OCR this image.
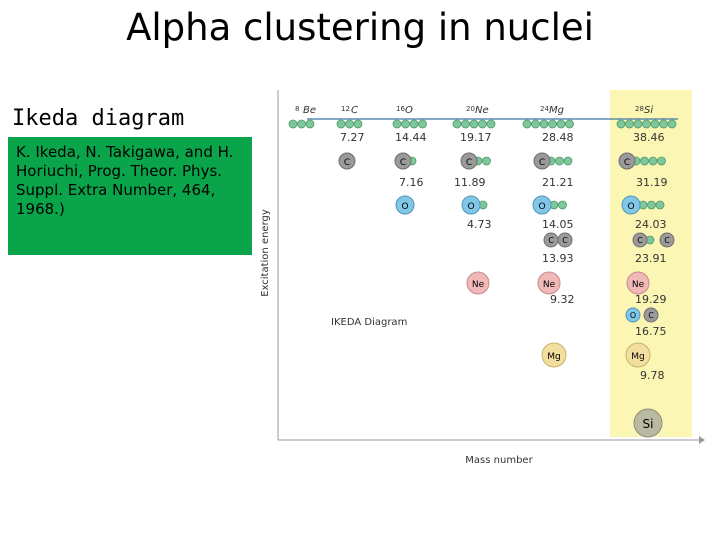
Alpha clustering in nuclei
Ikeda diagram
K. Ikeda, N. Takigawa, and H. Horiuchi, Prog. Theor. Phys. Suppl. Extra Number, 464, 1968.)
Excitation energy
Mass number
IKEDA Diagram
8 Be	12 C	16 O	20 Ne	24 Mg	28 Si
C	C	C	C	C
O	O	O	O
C C	C	C
Ne	Ne	Ne
O C
Mg	Mg
Si
7.27	14.44	19.17	28.48	38.46
7.16	11.89	21.21	31.19
4.73	14.05	24.03
13.93	23.91
9.32	19.29
16.75
9.78
